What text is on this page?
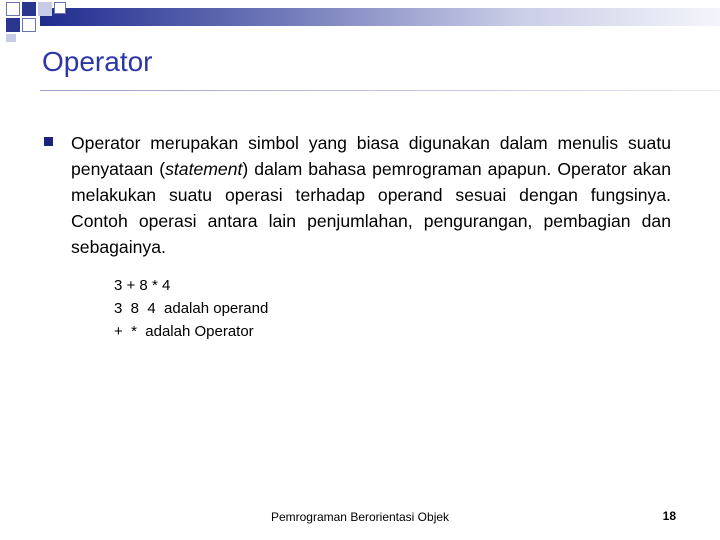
Operator
Operator merupakan simbol yang biasa digunakan dalam menulis suatu penyataan (statement) dalam bahasa pemrograman apapun. Operator akan melakukan suatu operasi terhadap operand sesuai dengan fungsinya. Contoh operasi antara lain penjumlahan, pengurangan, pembagian dan sebagainya.
3 + 8 * 4
3  8  4  adalah operand
+  *  adalah Operator
Pemrograman Berorientasi Objek	18
